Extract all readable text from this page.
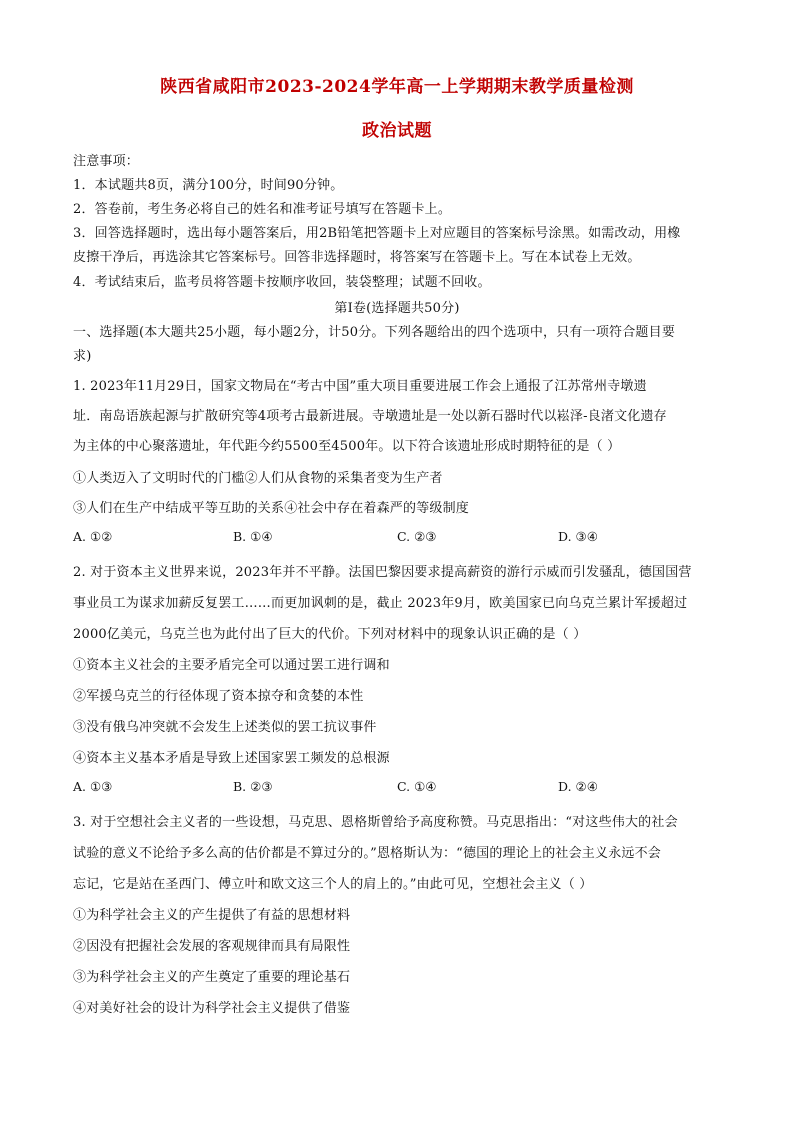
陕西省咸阳市2023-2024学年高一上学期期末教学质量检测
政治试题
注意事项：
1．本试题共8页，满分100分，时间90分钟。
2．答卷前，考生务必将自己的姓名和准考证号填写在答题卡上。
3．回答选择题时，选出每小题答案后，用2B铅笔把答题卡上对应题目的答案标号涂黑。如需改动，用橡
皮擦干净后，再选涂其它答案标号。回答非选择题时，将答案写在答题卡上。写在本试卷上无效。
4．考试结束后，监考员将答题卡按顺序收回，装袋整理；试题不回收。
第Ⅰ卷(选择题共50分)
一、选择题(本大题共25小题，每小题2分，计50分。下列各题给出的四个选项中，只有一项符合题目要
求)
1. 2023年11月29日，国家文物局在“考古中国”重大项目重要进展工作会上通报了江苏常州寺墩遗
址．南岛语族起源与扩散研究等4项考古最新进展。寺墩遗址是一处以新石器时代以崧泽-良渚文化遗存
为主体的中心聚落遗址，年代距今约5500至4500年。以下符合该遗址形成时期特征的是（ ）
①人类迈入了文明时代的门槛②人们从食物的采集者变为生产者
③人们在生产中结成平等互助的关系④社会中存在着森严的等级制度
A. ①②	B. ①④	C. ②③	D. ③④
2. 对于资本主义世界来说，2023年并不平静。法国巴黎因要求提高薪资的游行示威而引发骚乱，德国国营
事业员工为谋求加薪反复罢工……而更加讽刺的是，截止 2023年9月，欧美国家已向乌克兰累计军援超过
2000亿美元，乌克兰也为此付出了巨大的代价。下列对材料中的现象认识正确的是（ ）
①资本主义社会的主要矛盾完全可以通过罢工进行调和
②军援乌克兰的行径体现了资本掠夺和贪婪的本性
③没有俄乌冲突就不会发生上述类似的罢工抗议事件
④资本主义基本矛盾是导致上述国家罢工频发的总根源
A. ①③	B. ②③	C. ①④	D. ②④
3. 对于空想社会主义者的一些设想，马克思、恩格斯曾给予高度称赞。马克思指出：“对这些伟大的社会
试验的意义不论给予多么高的估价都是不算过分的。”恩格斯认为：“德国的理论上的社会主义永远不会
忘记，它是站在圣西门、傅立叶和欧文这三个人的肩上的。”由此可见，空想社会主义（ ）
①为科学社会主义的产生提供了有益的思想材料
②因没有把握社会发展的客观规律而具有局限性
③为科学社会主义的产生奠定了重要的理论基石
④对美好社会的设计为科学社会主义提供了借鉴
